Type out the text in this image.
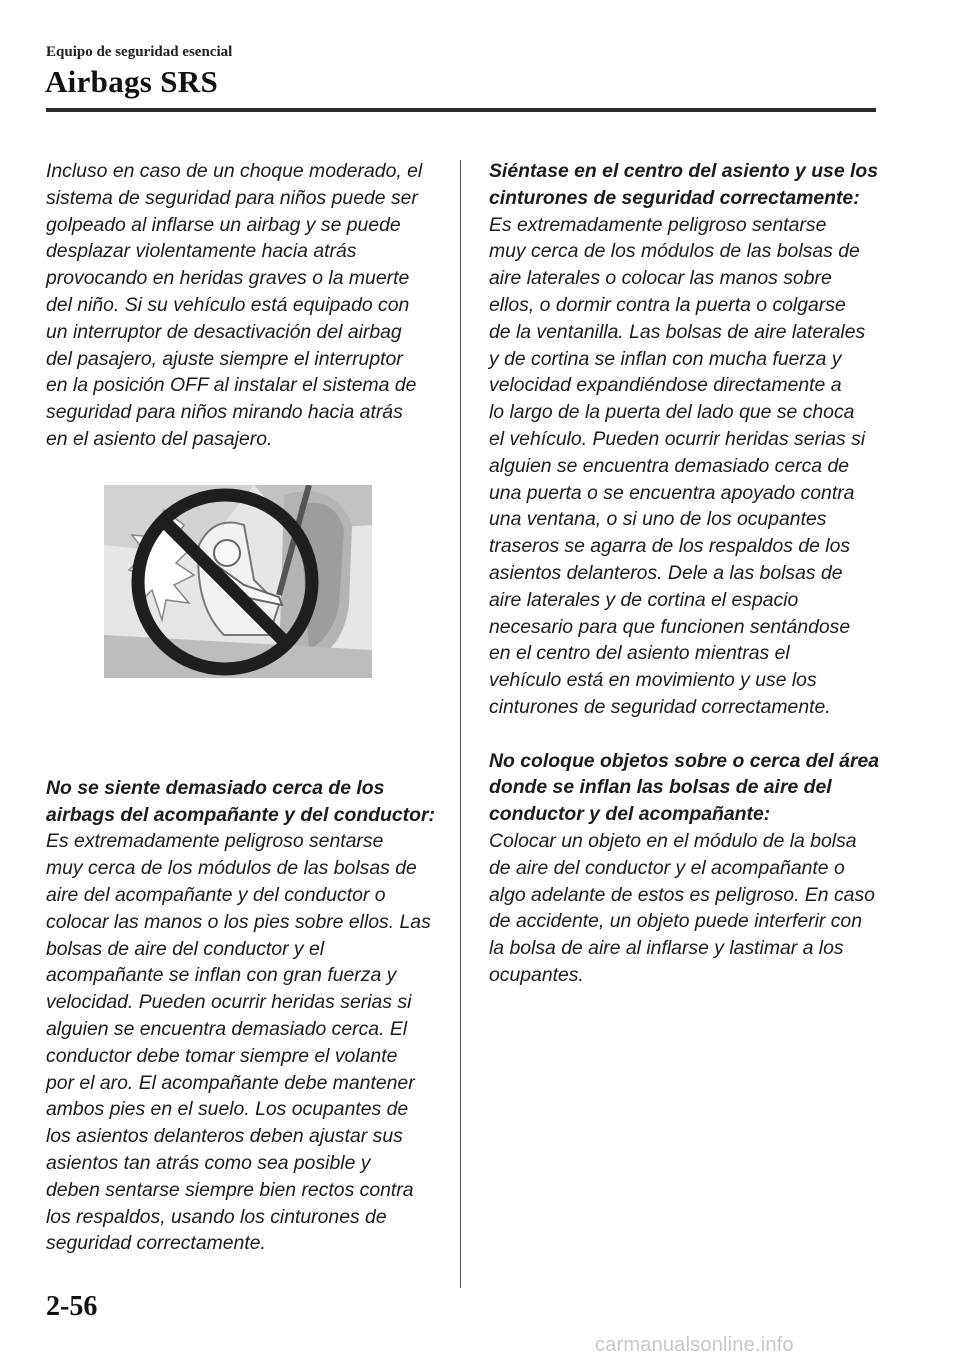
Equipo de seguridad esencial
Airbags SRS
Incluso en caso de un choque moderado, el
sistema de seguridad para niños puede ser
golpeado al inflarse un airbag y se puede
desplazar violentamente hacia atrás
provocando en heridas graves o la muerte
del niño. Si su vehículo está equipado con
un interruptor de desactivación del airbag
del pasajero, ajuste siempre el interruptor
en la posición OFF al instalar el sistema de
seguridad para niños mirando hacia atrás
en el asiento del pasajero.
No se siente demasiado cerca de los
airbags del acompañante y del conductor:
Es extremadamente peligroso sentarse
muy cerca de los módulos de las bolsas de
aire del acompañante y del conductor o
colocar las manos o los pies sobre ellos. Las
bolsas de aire del conductor y el
acompañante se inflan con gran fuerza y
velocidad. Pueden ocurrir heridas serias si
alguien se encuentra demasiado cerca. El
conductor debe tomar siempre el volante
por el aro. El acompañante debe mantener
ambos pies en el suelo. Los ocupantes de
los asientos delanteros deben ajustar sus
asientos tan atrás como sea posible y
deben sentarse siempre bien rectos contra
los respaldos, usando los cinturones de
seguridad correctamente.
Siéntase en el centro del asiento y use los
cinturones de seguridad correctamente:
Es extremadamente peligroso sentarse
muy cerca de los módulos de las bolsas de
aire laterales o colocar las manos sobre
ellos, o dormir contra la puerta o colgarse
de la ventanilla. Las bolsas de aire laterales
y de cortina se inflan con mucha fuerza y
velocidad expandiéndose directamente a
lo largo de la puerta del lado que se choca
el vehículo. Pueden ocurrir heridas serias si
alguien se encuentra demasiado cerca de
una puerta o se encuentra apoyado contra
una ventana, o si uno de los ocupantes
traseros se agarra de los respaldos de los
asientos delanteros. Dele a las bolsas de
aire laterales y de cortina el espacio
necesario para que funcionen sentándose
en el centro del asiento mientras el
vehículo está en movimiento y use los
cinturones de seguridad correctamente.
No coloque objetos sobre o cerca del área
donde se inflan las bolsas de aire del
conductor y del acompañante:
Colocar un objeto en el módulo de la bolsa
de aire del conductor y el acompañante o
algo adelante de estos es peligroso. En caso
de accidente, un objeto puede interferir con
la bolsa de aire al inflarse y lastimar a los
ocupantes.
2-56
carmanualsonline.info
